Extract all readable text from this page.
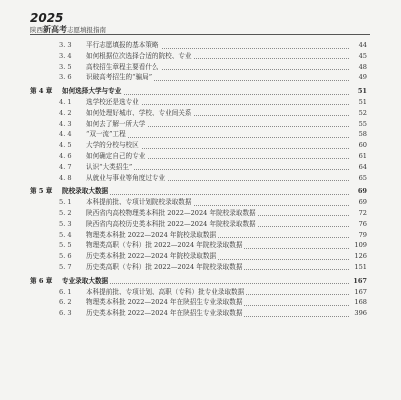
2025
陕西新高考志愿填报指南
3. 3 平行志愿填报的基本策略	44
3. 4 如何根据位次选择合适的院校、专业	45
3. 5 高校招生章程主要看什么	48
3. 6 识破高考招生的“骗局”	49
第 4 章 如何选择大学与专业	51
4. 1 选学校还是选专业	51
4. 2 如何处理好城市、学校、专业间关系	52
4. 3 如何去了解一所大学	55
4. 4 “双一流”工程	58
4. 5 大学的分校与校区	60
4. 6 如何确定自己的专业	61
4. 7 认识“大类招生”	64
4. 8 从就业与事业等角度过专业	65
第 5 章 院校录取大数据	69
5. 1 本科提前批、专项计划院校录取数据	69
5. 2 陕西省内高校物理类本科批 2022—2024 年院校录取数据	72
5. 3 陕西省内高校历史类本科批 2022—2024 年院校录取数据	76
5. 4 物理类本科批 2022—2024 年院校录取数据	79
5. 5 物理类高职（专科）批 2022—2024 年院校录取数据	109
5. 6 历史类本科批 2022—2024 年院校录取数据	126
5. 7 历史类高职（专科）批 2022—2024 年院校录取数据	151
第 6 章 专业录取大数据	167
6. 1 本科提前批、专项计划、高职（专科）批专业录取数据	167
6. 2 物理类本科批 2022—2024 年在陕招生专业录取数据	168
6. 3 历史类本科批 2022—2024 年在陕招生专业录取数据	396
